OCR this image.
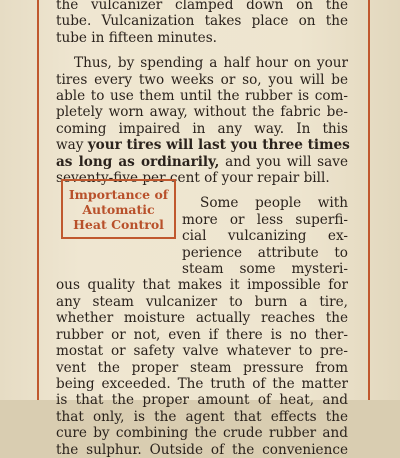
the vulcanizer clamped down on the
tube. Vulcanization takes place on the
tube in fifteen minutes.
Thus, by spending a half hour on your
tires every two weeks or so, you will be
able to use them until the rubber is com-
pletely worn away, without the fabric be-
coming impaired in any way. In this
way your tires will last you three times
as long as ordinarily, and you will save
seventy-five per cent of your repair bill.
Some people with
more or less superfi-
cial vulcanizing ex-
perience attribute to
steam some mysteri-
ous quality that makes it impossible for
any steam vulcanizer to burn a tire,
whether moisture actually reaches the
rubber or not, even if there is no ther-
mostat or safety valve whatever to pre-
vent the proper steam pressure from
being exceeded. The truth of the matter
is that the proper amount of heat, and
that only, is the agent that effects the
cure by combining the crude rubber and
the sulphur. Outside of the convenience
Importance of
Automatic
Heat Control
